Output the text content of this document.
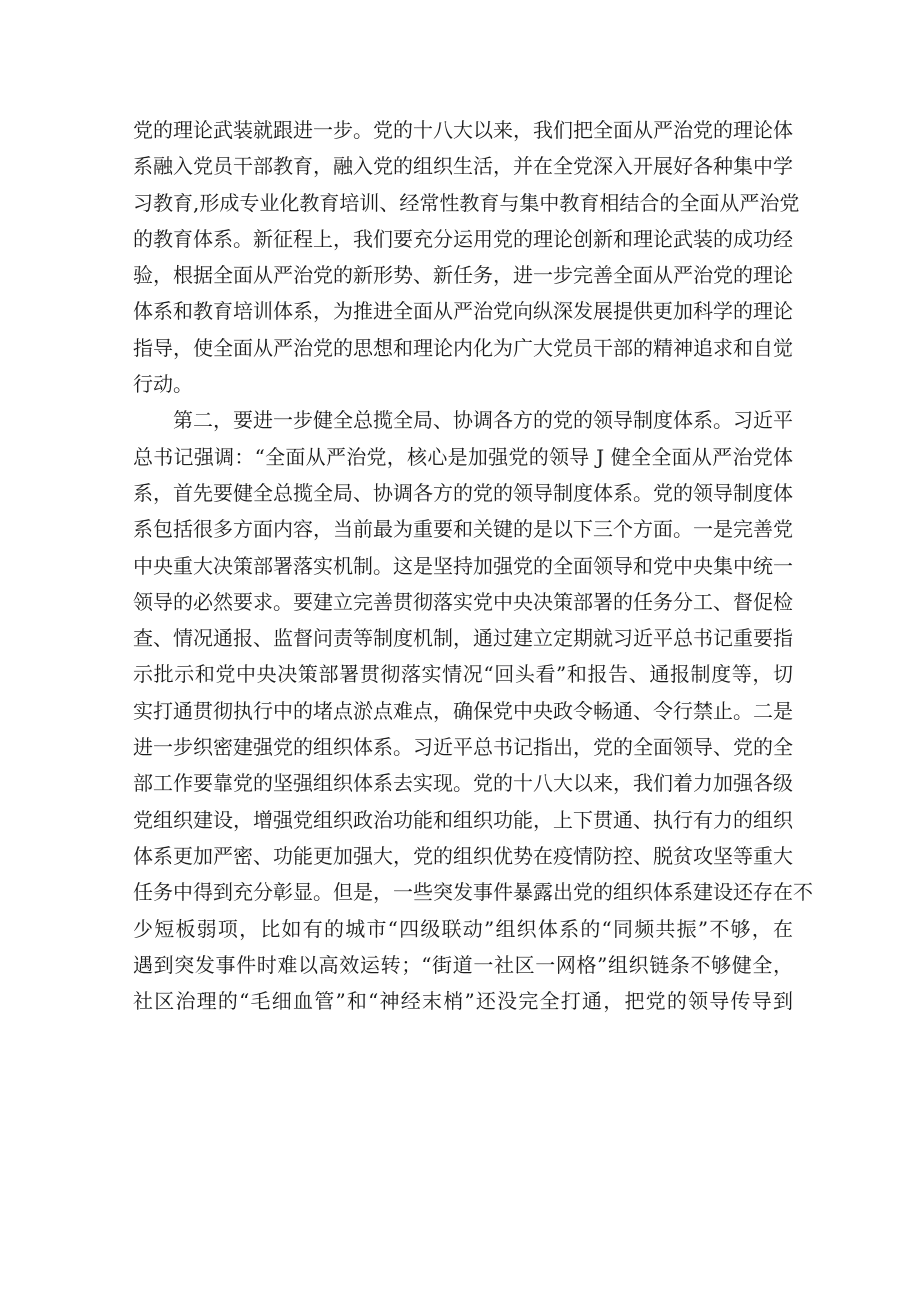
党的理论武装就跟进一步。党的十八大以来，我们把全面从严治党的理论体
系融入党员干部教育，融入党的组织生活，并在全党深入开展好各种集中学
习教育,形成专业化教育培训、经常性教育与集中教育相结合的全面从严治党
的教育体系。新征程上，我们要充分运用党的理论创新和理论武装的成功经
验，根据全面从严治党的新形势、新任务，进一步完善全面从严治党的理论
体系和教育培训体系，为推进全面从严治党向纵深发展提供更加科学的理论
指导，使全面从严治党的思想和理论内化为广大党员干部的精神追求和自觉
行动。
第二，要进一步健全总揽全局、协调各方的党的领导制度体系。习近平
总书记强调：“全面从严治党，核心是加强党的领导 J 健全全面从严治党体
系，首先要健全总揽全局、协调各方的党的领导制度体系。党的领导制度体
系包括很多方面内容，当前最为重要和关键的是以下三个方面。一是完善党
中央重大决策部署落实机制。这是坚持加强党的全面领导和党中央集中统一
领导的必然要求。要建立完善贯彻落实党中央决策部署的任务分工、督促检
查、情况通报、监督问责等制度机制，通过建立定期就习近平总书记重要指
示批示和党中央决策部署贯彻落实情况“回头看”和报告、通报制度等，切
实打通贯彻执行中的堵点淤点难点，确保党中央政令畅通、令行禁止。二是
进一步织密建强党的组织体系。习近平总书记指出，党的全面领导、党的全
部工作要靠党的坚强组织体系去实现。党的十八大以来，我们着力加强各级
党组织建设，增强党组织政治功能和组织功能，上下贯通、执行有力的组织
体系更加严密、功能更加强大，党的组织优势在疫情防控、脱贫攻坚等重大
任务中得到充分彰显。但是，一些突发事件暴露出党的组织体系建设还存在不
少短板弱项，比如有的城市“四级联动”组织体系的“同频共振”不够，在
遇到突发事件时难以高效运转；“街道一社区一网格”组织链条不够健全，
社区治理的“毛细血管”和“神经末梢”还没完全打通，把党的领导传导到
